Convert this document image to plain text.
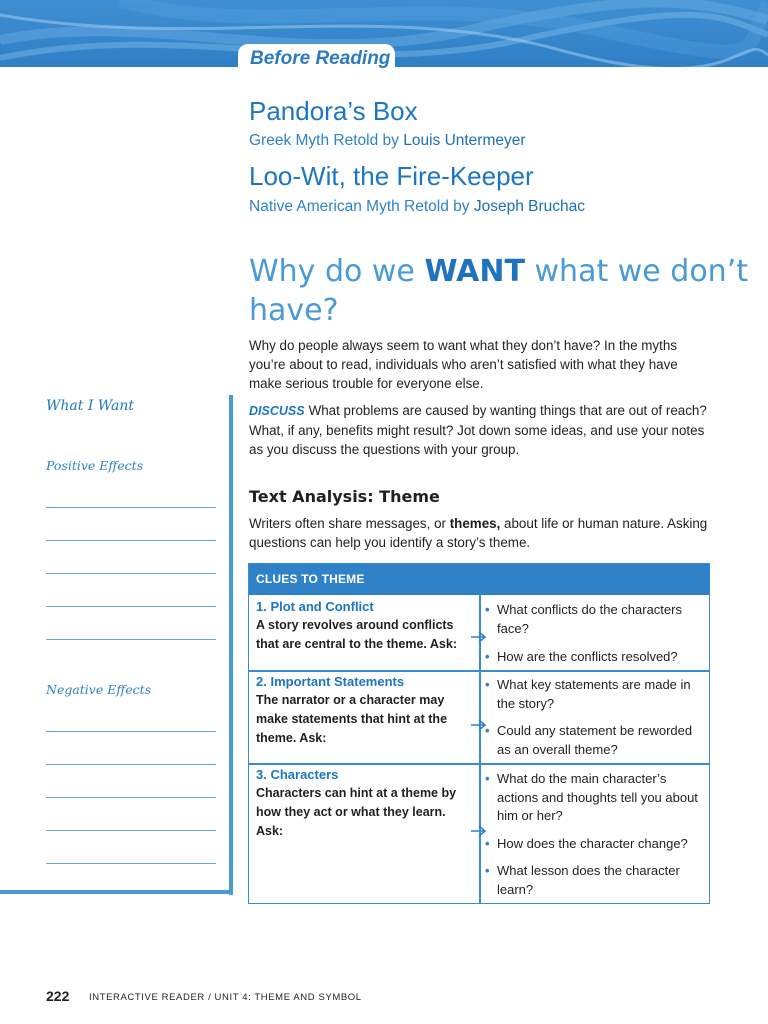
Before Reading
Pandora’s Box
Greek Myth Retold by Louis Untermeyer
Loo-Wit, the Fire-Keeper
Native American Myth Retold by Joseph Bruchac
Why do we WANT what we don’t have?
Why do people always seem to want what they don’t have? In the myths you’re about to read, individuals who aren’t satisfied with what they have make serious trouble for everyone else.
DISCUSS What problems are caused by wanting things that are out of reach? What, if any, benefits might result? Jot down some ideas, and use your notes as you discuss the questions with your group.
What I Want
Positive Effects
Negative Effects
Text Analysis: Theme
Writers often share messages, or themes, about life or human nature. Asking questions can help you identify a story’s theme.
CLUES TO THEME
1. Plot and Conflict
A story revolves around conflicts that are central to the theme. Ask:
• What conflicts do the characters face?
• How are the conflicts resolved?
2. Important Statements
The narrator or a character may make statements that hint at the theme. Ask:
• What key statements are made in the story?
• Could any statement be reworded as an overall theme?
3. Characters
Characters can hint at a theme by how they act or what they learn. Ask:
• What do the main character’s actions and thoughts tell you about him or her?
• How does the character change?
• What lesson does the character learn?
222 INTERACTIVE READER / UNIT 4: THEME AND SYMBOL
